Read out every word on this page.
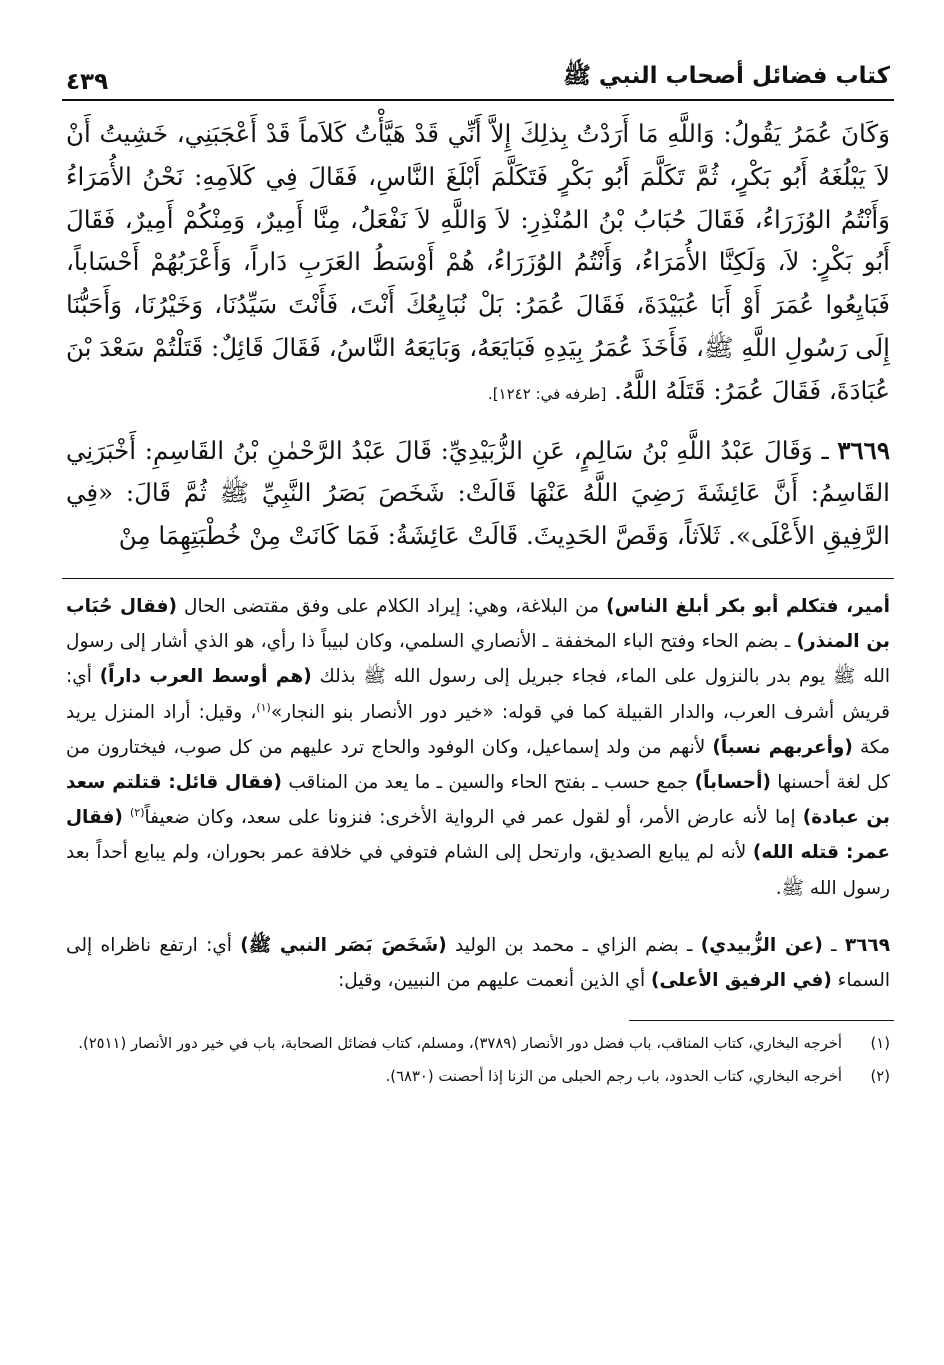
كتاب فضائل أصحاب النبي ﷺ
٤٣٩

وَكَانَ عُمَرُ يَقُولُ: وَاللَّهِ مَا أَرَدْتُ بِذلِكَ إِلاَّ أَنِّي قَدْ هَيَّأْتُ كَلاَماً قَدْ أَعْجَبَنِي، خَشِيتُ أَنْ لاَ يَبْلُغَهُ أَبُو بَكْرٍ، ثُمَّ تَكَلَّمَ أَبُو بَكْرٍ فَتَكَلَّمَ أَبْلَغَ النَّاسِ، فَقَالَ فِي كَلاَمِهِ: نَحْنُ الأُمَرَاءُ وَأَنْتُمُ الوُزَرَاءُ، فَقَالَ حُبَابُ بْنُ المُنْذِرِ: لاَ وَاللَّهِ لاَ نَفْعَلُ، مِنَّا أَمِيرٌ، وَمِنْكُمْ أَمِيرٌ، فَقَالَ أَبُو بَكْرٍ: لاَ، وَلَكِنَّا الأُمَرَاءُ، وَأَنْتُمُ الوُزَرَاءُ، هُمْ أَوْسَطُ العَرَبِ دَاراً، وَأَعْرَبُهُمْ أَحْسَاباً، فَبَايِعُوا عُمَرَ أَوْ أَبَا عُبَيْدَةَ، فَقَالَ عُمَرُ: بَلْ نُبَايِعُكَ أَنْتَ، فَأَنْتَ سَيِّدُنَا، وَخَيْرُنَا، وَأَحَبُّنَا إِلَى رَسُولِ اللَّهِ ﷺ، فَأَخَذَ عُمَرُ بِيَدِهِ فَبَايَعَهُ، وَبَايَعَهُ النَّاسُ، فَقَالَ قَائِلٌ: قَتَلْتُمْ سَعْدَ بْنَ عُبَادَةَ، فَقَالَ عُمَرُ: قَتَلَهُ اللَّهُ. [طرفه في: ١٢٤٢].

٣٦٦٩ ـ وَقَالَ عَبْدُ اللَّهِ بْنُ سَالِمٍ، عَنِ الزُّبَيْدِيِّ: قَالَ عَبْدُ الرَّحْمٰنِ بْنُ القَاسِمِ: أَخْبَرَنِي القَاسِمُ: أَنَّ عَائِشَةَ رَضِيَ اللَّهُ عَنْهَا قَالَتْ: شَخَصَ بَصَرُ النَّبِيِّ ﷺ ثُمَّ قَالَ: «فِي الرَّفِيقِ الأَعْلَى». ثَلاَثاً، وَقَصَّ الحَدِيثَ. قَالَتْ عَائِشَةُ: فَمَا كَانَتْ مِنْ خُطْبَتِهِمَا مِنْ

أمير، فتكلم أبو بكر أبلغ الناس) من البلاغة، وهي: إيراد الكلام على وفق مقتضى الحال (فقال حُبَاب بن المنذر) ـ بضم الحاء وفتح الباء المخففة ـ الأنصاري السلمي، وكان لبيباً ذا رأي، هو الذي أشار إلى رسول الله ﷺ يوم بدر بالنزول على الماء، فجاء جبريل إلى رسول الله ﷺ بذلك (هم أوسط العرب داراً) أي: قريش أشرف العرب، والدار القبيلة كما في قوله: «خير دور الأنصار بنو النجار»$^{(١)}$، وقيل: أراد المنزل يريد مكة (وأعربهم نسباً) لأنهم من ولد إسماعيل، وكان الوفود والحاج ترد عليهم من كل صوب، فيختارون من كل لغة أحسنها (أحساباً) جمع حسب ـ بفتح الحاء والسين ـ ما يعد من المناقب (فقال قائل: قتلتم سعد بن عبادة) إما لأنه عارض الأمر، أو لقول عمر في الرواية الأخرى: فنزونا على سعد، وكان ضعيفاً$^{(٢)}$ (فقال عمر: قتله الله) لأنه لم يبايع الصديق، وارتحل إلى الشام فتوفي في خلافة عمر بحوران، ولم يبايع أحداً بعد رسول الله ﷺ.

٣٦٦٩ ـ (عن الزُّبيدي) ـ بضم الزاي ـ محمد بن الوليد (شَخَصَ بَصَر النبي ﷺ) أي: ارتفع ناظراه إلى السماء (في الرفيق الأعلى) أي الذين أنعمت عليهم من النبيين، وقيل:

(١)
أخرجه البخاري، كتاب المناقب، باب فضل دور الأنصار (٣٧٨٩)، ومسلم، كتاب فضائل الصحابة، باب في خير دور الأنصار (٢٥١١).
(٢)
أخرجه البخاري، كتاب الحدود، باب رجم الحبلى من الزنا إذا أحصنت (٦٨٣٠).
